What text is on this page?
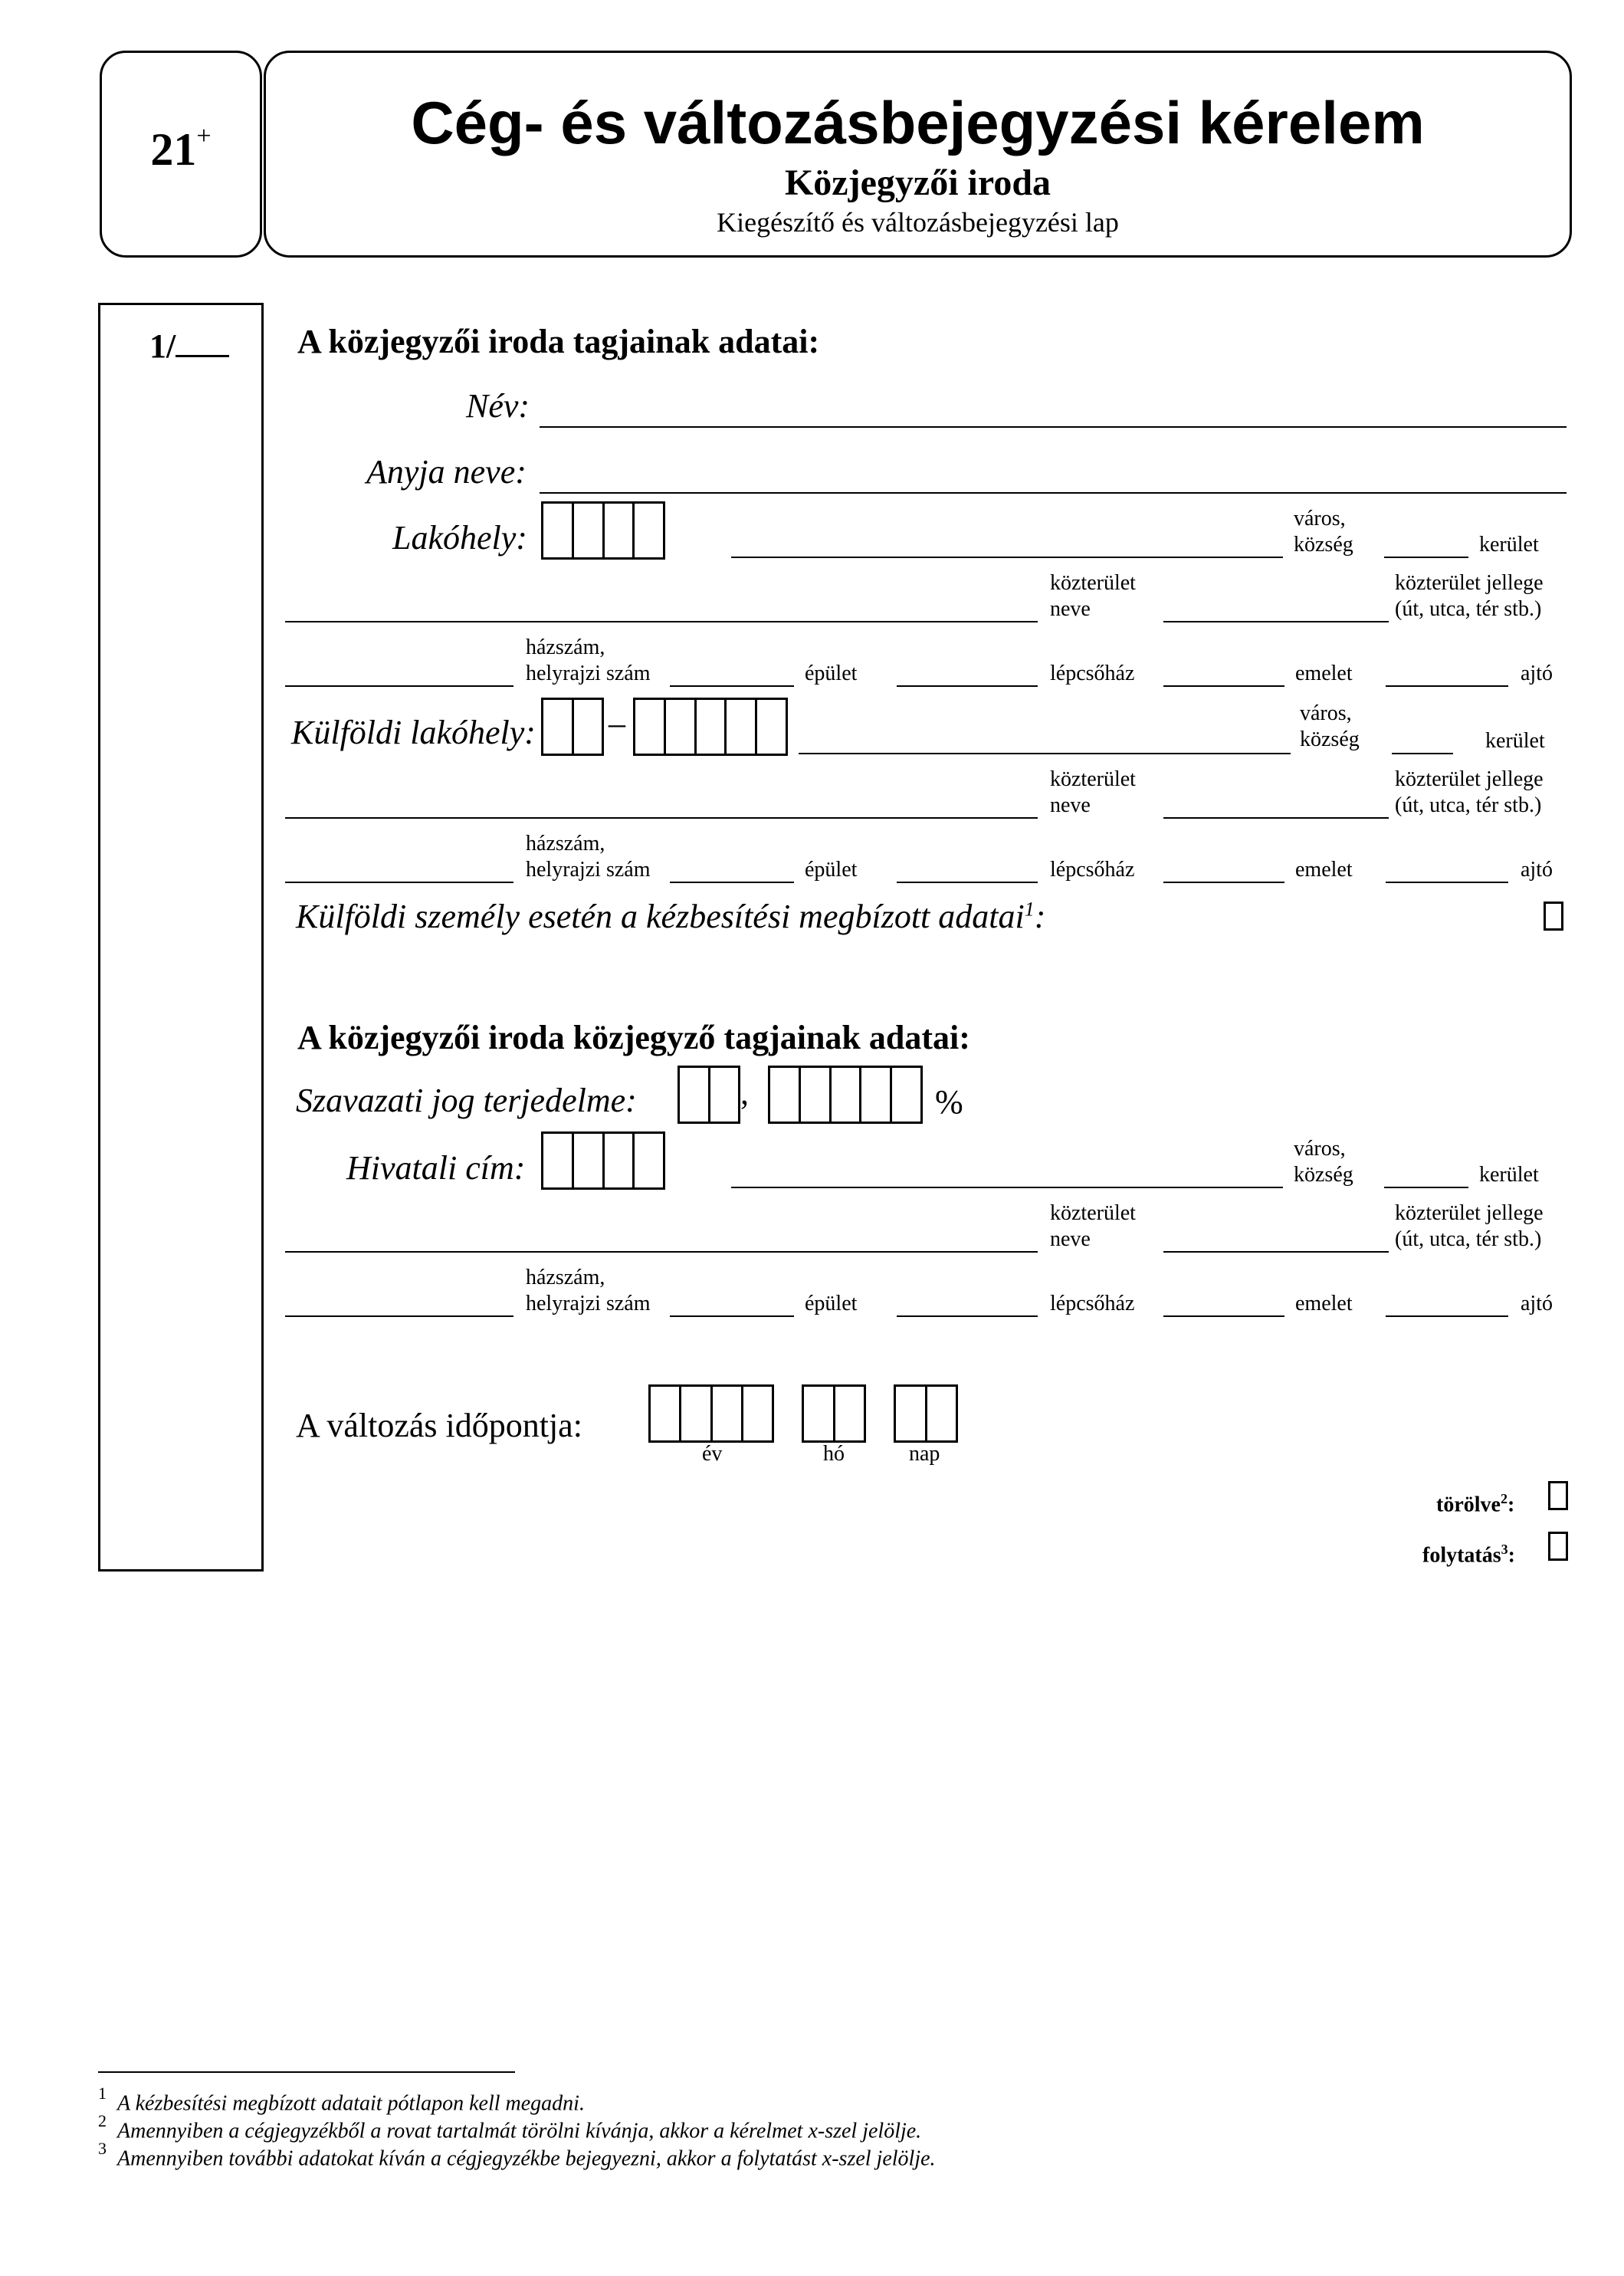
21+	Cég- és változásbejegyzési kérelem
Közjegyzői iroda
Kiegészítő és változásbejegyzési lap
1/	A közjegyzői iroda tagjainak adatai:
Név:
Anyja neve:
Lakóhely:
város,
község	kerület
közterület
neve
közterület jellege
(út, utca, tér stb.)
házszám,
helyrajzi szám	épület	lépcsőház	emelet	ajtó
Külföldi lakóhely: –	város,
község	kerület
közterület
neve
közterület jellege
(út, utca, tér stb.)
házszám,
helyrajzi szám	épület	lépcsőház	emelet	ajtó
Külföldi személy esetén a kézbesítési megbízott adatai$^1$:
A közjegyzői iroda közjegyző tagjainak adatai:
Szavazati jog terjedelme:	,	%
Hivatali cím:
város,
község	kerület
közterület
neve
közterület jellege
(út, utca, tér stb.)
házszám,
helyrajzi szám	épület	lépcsőház	emelet	ajtó
A változás időpontja:
év	hó	nap
törölve$^2$:
folytatás$^3$:
$^1$ A kézbesítési megbízott adatait pótlapon kell megadni.
$^2$ Amennyiben a cégjegyzékből a rovat tartalmát törölni kívánja, akkor a kérelmet x-szel jelölje.
$^3$ Amennyiben további adatokat kíván a cégjegyzékbe bejegyezni, akkor a folytatást x-szel jelölje.
